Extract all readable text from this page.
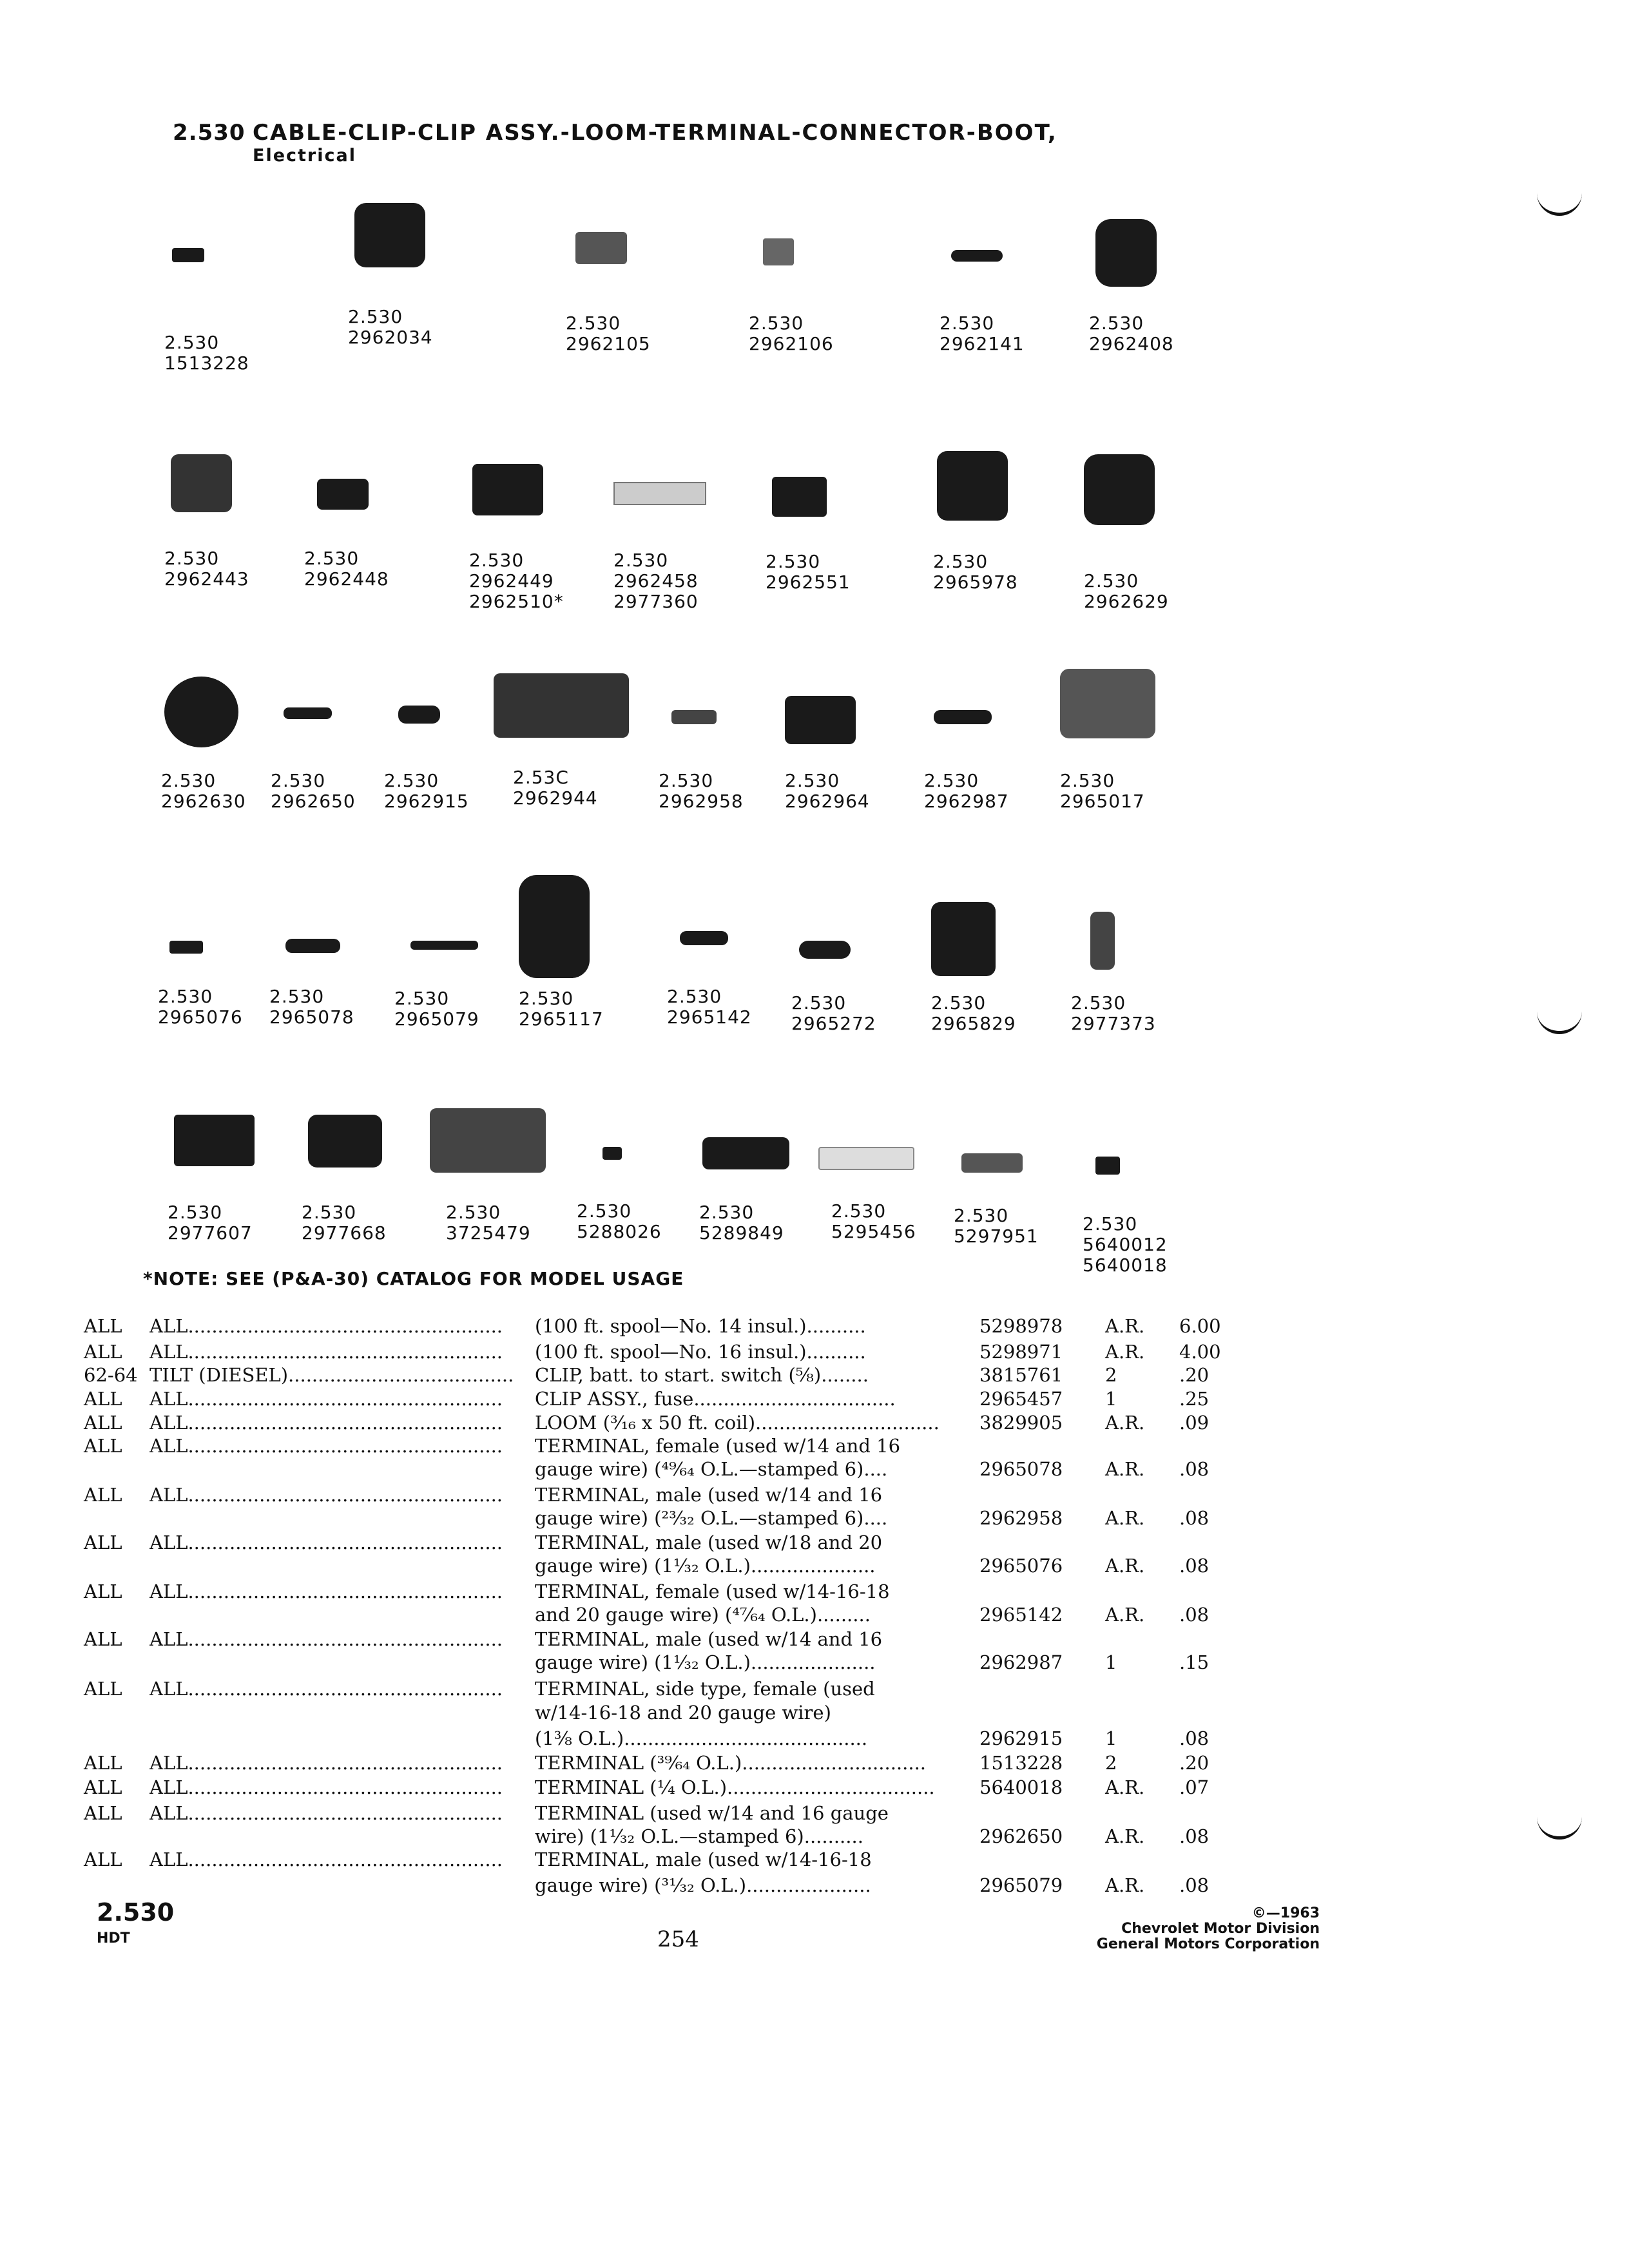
2.530 CABLE-CLIP-CLIP ASSY.-LOOM-TERMINAL-CONNECTOR-BOOT,
Electrical
2.530
1513228
2.530
2962034
2.530
2962105
2.530
2962106
2.530
2962141
2.530
2962408
2.530
2962443
2.530
2962448
2.530
2962449
2962510*
2.530
2962458
2977360
2.530
2962551
2.530
2965978	2.530
2962629
2.530
2962630
2.530
2962650
2.530
2962915
2.53C
2962944
2.530
2962958
2.530
2962964
2.530
2962987
2.530
2965017
2.530
2965076
2.530
2965078
2.530
2965079
2.530
2965117
2.530
2965142
2.530
2965272
2.530
2965829
2.530
2977373
2.530
2977607
2.530
2977668
2.530
3725479
2.530
5288026
2.530
5289849
2.530
5295456
2.530
5297951
2.530
5640012
5640018
*NOTE: SEE (P&A-30) CATALOG FOR MODEL USAGE
ALL ALL.....................................................	(100 ft. spool—No. 14 insul.)..........	5298978 A.R. 6.00
ALL ALL.....................................................	(100 ft. spool—No. 16 insul.)..........	5298971 A.R. 4.00
62-64 TILT (DIESEL)......................................	CLIP, batt. to start. switch (⅝)........	3815761 2	.20
ALL ALL.....................................................	CLIP ASSY., fuse..................................	2965457 1	.25
ALL ALL.....................................................	LOOM (³⁄₁₆ x 50 ft. coil)...............................	3829905 A.R. .09
ALL ALL.....................................................	TERMINAL, female (used w/14 and 16
gauge wire) (⁴⁹⁄₆₄ O.L.—stamped 6)....	2965078 A.R. .08
ALL ALL.....................................................	TERMINAL, male (used w/14 and 16
gauge wire) (²³⁄₃₂ O.L.—stamped 6)....	2962958 A.R. .08
ALL ALL.....................................................	TERMINAL, male (used w/18 and 20
gauge wire) (1⅟₃₂ O.L.).....................	2965076 A.R. .08
ALL ALL.....................................................	TERMINAL, female (used w/14-16-18
and 20 gauge wire) (⁴⁷⁄₆₄ O.L.).........	2965142 A.R. .08
ALL ALL.....................................................	TERMINAL, male (used w/14 and 16
gauge wire) (1⅟₃₂ O.L.).....................	2962987 1	.15
ALL ALL.....................................................	TERMINAL, side type, female (used
w/14-16-18 and 20 gauge wire)
(1⅜ O.L.).........................................	2962915 1	.08
ALL ALL.....................................................	TERMINAL (³⁹⁄₆₄ O.L.)...............................	1513228 2	.20
ALL ALL.....................................................	TERMINAL (¼ O.L.)...................................	5640018 A.R. .07
ALL ALL.....................................................	TERMINAL (used w/14 and 16 gauge
wire) (1⅟₃₂ O.L.—stamped 6)..........	2962650 A.R. .08
ALL ALL.....................................................	TERMINAL, male (used w/14-16-18
gauge wire) (³¹⁄₃₂ O.L.).....................	2965079 A.R. .08
2.530
HDT	254
©—1963
Chevrolet Motor Division
General Motors Corporation
